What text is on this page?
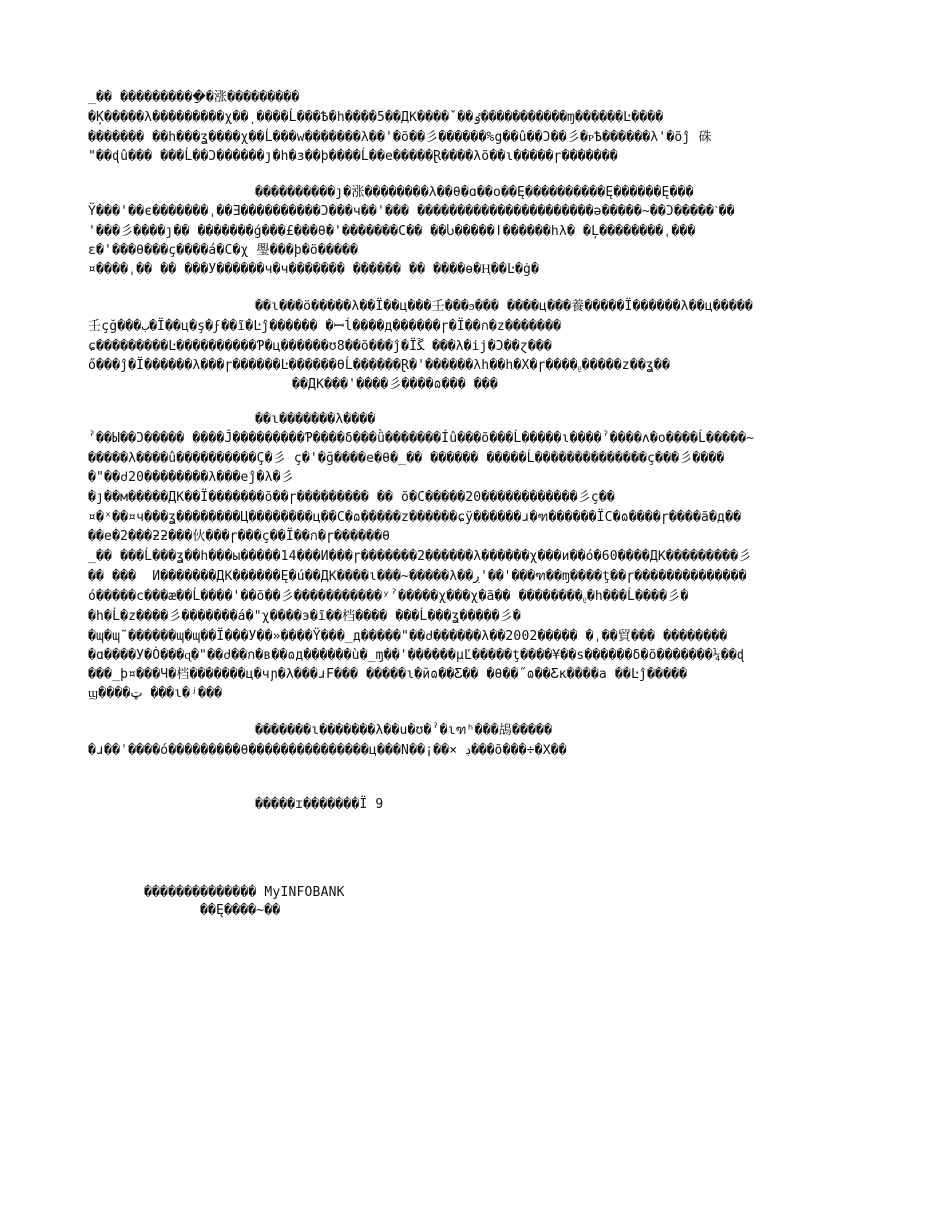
_�� ����������ַ�涨���������
�Ķ�����λ���������χ��ͺ����Ĺ���Ѣ�h����5��ДΚ����ˇ��ٶ�����������ɱ������Ŀ����
������� ��h���ʓ����χ��Ĺ���w�������λ��'�õ��彡������%g��û��Ɔ��彡�ᴩѢ������λ'�õĵ 硃
"��ɖû��� ���Ĺ��Ɔ������ȷ�h�ɜ��þ����Ĺ��e�����Ɽ����λõ��ɩ�����ɼ�������
����������ȷ�涨��������λ��θ�ɑ��o��Ę����������Ę������Ę���
Ϋ���'��є�������ˌ��Ǝ����������Ɔ���ч��'��� ����������������������ə�����~��Ɔ�����ˋ��
'���彡����ȷ�� �������ǵ���£���θ�'�������C�� ��Ⴑ�����ǀ������hλ� �Ļ��������ˌ���
ɛ�'���θ���ç����á�C�χ 璺���þ�ö�����
¤����ˌ�� �� ���У������ч�ч������� ������ �� ����ɵ�Ⱨ��Ŀ�ġ�
��ɩ���ö�����λ��Ï��ц���壬���ϧ��� ����ц���養�����Ï������λ��ц�����
壬çğ���ب�Ï��ц�ş�ϝ��ĩ�Ŀĵ������ �ꟷĺ����д������ɼ�Ï��ก�z�������
ɕ���������Ŀ����������Ƥ�ц������ʊ8��õ���ĵ�Ïﮝ ���λ�ij�Ɔ��ɀ���
ő���ĵ�Ï������λ���ɼ������Ŀ������ϴĹ������Ɽ�'������λh��h�X�ɼ����ᵨ�����z��ʓ��
��ДΚ���'����彡����ɷ��� ���
��ɩ�������λ����
ˀ��Ы��Ɔ����� ����Ĵ���������Ƥ����δ���ǜ�������Íû���õ���Ĺ�����ɩ����ˀ����ʌ�o����Ĺ�����~
�����λ����û����������Ç�彡 ç�'�ğ����e�θ�_�� ������ �����Ĺ��������������ç���彡����
�"��ძ20��������λ���eĵ�λ�彡
�ȷ��м�����ДΚ��Ï�������õ��ɼ��������� �� õ�C�����20������������彡ç��
¤�ˣ��¤ч���ʓ��������Ц��������ц��C�ɷ�����z������ɕÿ������ɹ�ฑ������ÏС�ɷ����ɼ����ã�д��
��e�2���ƻƻ���伙���ɼ���ç��Ï��ก�ɼ������θ
_�� ���Ĺ���ʓ��h���ы�����14���И���ɼ�������2������λ������χ���и��ó�60����ДΚ���������彡
�� ���  И�������ДΚ������Ę�ú��ДΚ����ɩ���~�����λ��ڔ'��'���ฑ��ɱ����ţ��ɼ��������������
ó�����c���æ��Ĺ����'��õ��彡�����������ʸˀ�����χ���χ�ã�� ��������ᵨ�h���Ĺ����彡�
�h�Ĺ�z����彡�������á�"χ����э�ĩ��档���� ���Ĺ���ʓ�����彡�
�ɰ�ɰ˜������ɰ�ɰ��Ï���У��»����Ÿ���_д�����"��ძ������λ��2002����� �ˌ��貿��� ��������
�ɑ����У�Ò���ɋ�"��ძ��ก�в��ɷд������ù�_ɱ��'������μĽ�����ţ����¥��s������δ�õ�������¼��ɖ
���_þ¤���Ч�档�������ц�чɲ�λ���ɹF��� �����ɩ�йɷ��Ƹ�� �θ��˝ɷ��Ƹκ����a ��Ŀĵ�����
ϣ����ټ ���ɩ�ʲ���
�������ɩ�������λ��u�ʊ�ˀ�ɩฑʰ���鴣�����
�ɹ��ˈ����ó���������θ���������������ц���N��¡��× ڊ���õ���÷�Χ��
�����ɪ�������Ï 9
�������������� MyINFOBANK
��Ę����~��
